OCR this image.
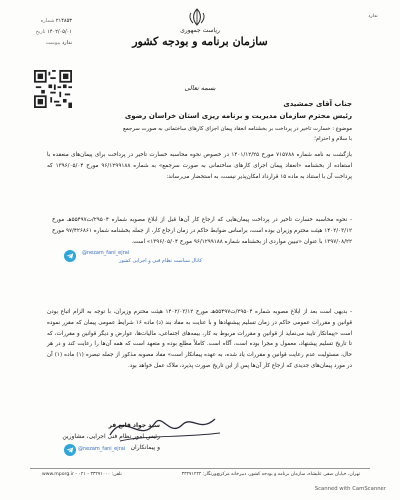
۲۱۴۸۵۳ شماره
۱۴۰۲/۰۵/۰۱ تاریخ
ندارد پیوست
ندارد
ریاست جمهوری
سازمان برنامه و بودجه کشور
بسمه تعالی
جناب آقای جمشیدی
رئیس محترم سازمان مدیریت و برنامه ریزی استان خراسان رضوی
موضوع : خسارت تاخیر در پرداخت بر بخشنامه انعقاد پیمان اجرای کارهای ساختمانی به صورت سرجمع
با سلام و احترام؛
بازگشت به نامه شماره ۷۱۵۷۸۸ مورخ ۱۴۰۱/۱۲/۲۵ در خصوص نحوه محاسبه خسارت تاخیر در پرداخت برای پیمان‌های منعقده با استفاده از بخشنامه «انعقاد پیمان اجرای کارهای ساختمانی به صورت سرجمع» به شماره ۹۶/۱۲۹۹۱۸۸ مورخ ۱۳۹۶/۰۵/۰۴ که پرداخت آن با استناد به ماده ۱۵ قرارداد امکان‌پذیر نیست، به استحضار می‌رساند:
- نحوه محاسبه خسارت تاخیر در پرداخت پیمان‌هایی که ارجاع کار آن‌ها قبل از ابلاغ مصوبه شماره ۲۹۵۰۴/ت۵۵۴۹۷هـ مورخ ۱۴۰۲/۰۳/۱۲ هیئت محترم وزیران بوده است، براساس ضوابط حاکم در زمان ارجاع کار، از جمله بخشنامه شماره ۹۷/۴۲۶۸۶۱ مورخ ۱۳۹۷/۰۸/۲۲ با عنوان «تبیین مواردی از بخشنامه شماره ۹۶/۱۲۹۹۱۸۸ مورخ ۱۳۹۶/۰۵/۰۴» است.
- بدیهی است بعد از ابلاغ مصوبه شماره ۲۹۵۰۴/ت۵۵۴۹۷هـ مورخ ۱۴۰۲/۰۳/۱۲ هیئت محترم وزیران، با توجه به الزام اتباع بودن قوانین و مقررات عمومی حاکم در زمان تسلیم پیشنهادها و با عنایت به مفاد بند (د) ماده ۱۶ شرایط عمومی پیمان که مقرر نموده است «پیمانکار تایید می‌نماید از قوانین و مقررات مربوط به کار، بیمه‌های اجتماعی، مالیات‌ها، عوارض و دیگر قوانین و مقررات، که تا تاریخ تسلیم پیشنهاد، معمول و مجرا بوده است، آگاه است. کاملاً مطلع بوده و متعهد است که همه آن‌ها را رعایت کند و در هر حال، مسئولیت عدم رعایت قوانین و مقررات یاد شده، به عهده پیمانکار است» مفاد مصوبه مذکور از جمله تبصره (۱) ماده (۱) آن در مورد پیمان‌های جدیدی که ارجاع کار آن‌ها پس از این تاریخ صورت پذیرد، ملاک عمل خواهد بود.
@nezam_fani_ejrai
کانال سیاست نظام فنی و اجرایی کشور
سید جواد قانع فر
رئیس امور نظام فنی اجرایی، مشاورین
و پیمانکاران
@nezam_fani_ejrai
تهران، خیابان صفی علیشاه، سازمان برنامه و بودجه کشور، دبیرخانه مرکزی
www.mporg.ir - تلفن: ۳۳۲۷۱۰۰۰ - ۰۲۱	دورنگار: ۳۳۲۷۱۲۲۲
Scanned with CamScanner
